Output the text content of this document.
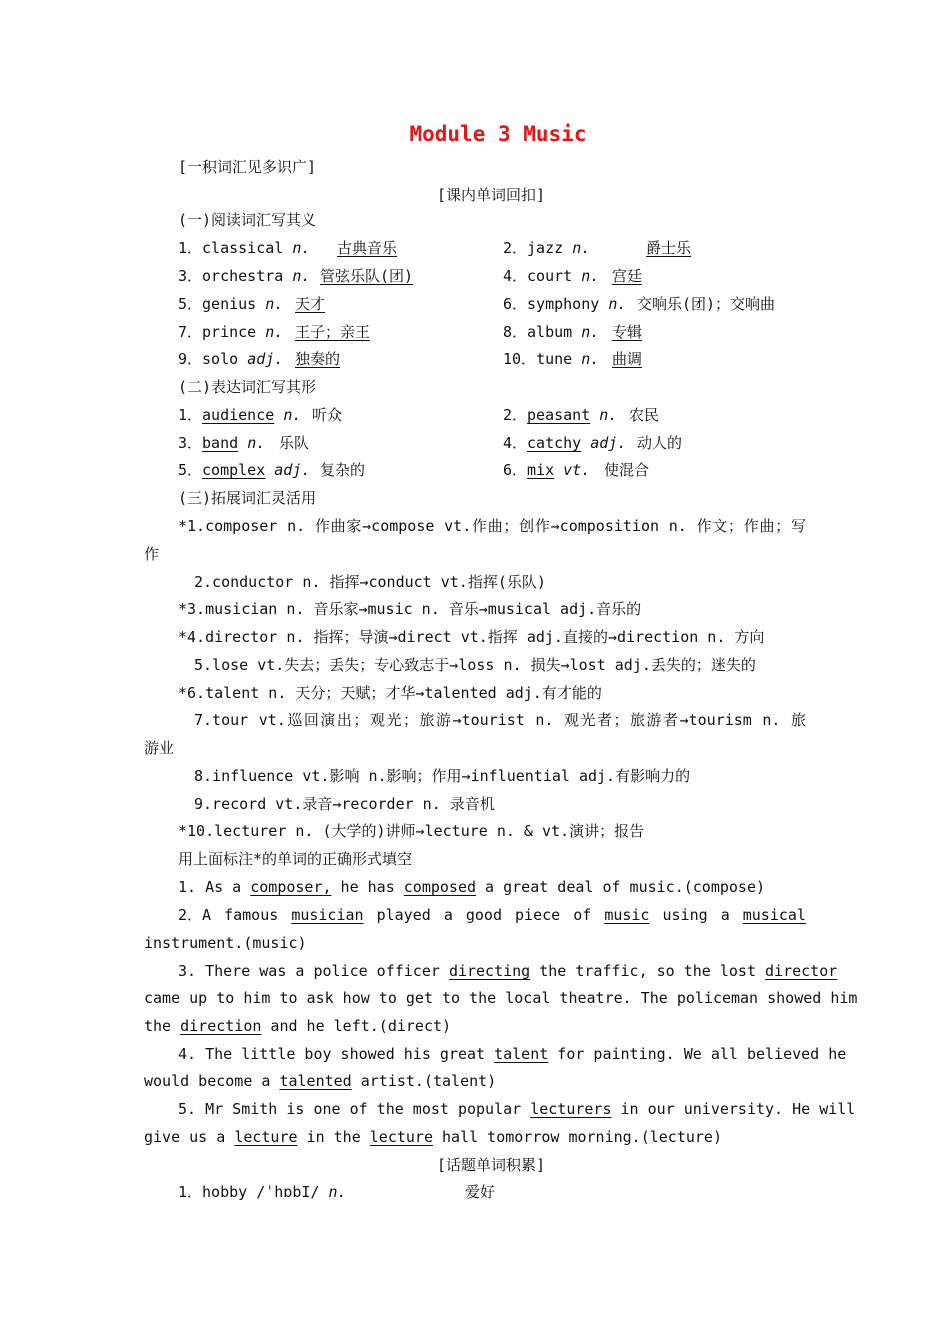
Module 3 Music
[一积词汇见多识广]
[课内单词回扣]
(一)阅读词汇写其义
1．classical n. 古典音乐	2．jazz n.	爵士乐
3．orchestra n. 管弦乐队(团)	4．court n. 宫廷
5．genius n. 天才	6．symphony n. 交响乐(团)；交响曲
7．prince n. 王子；亲王	8．album n. 专辑
9．solo adj. 独奏的	10．tune n. 曲调
(二)表达词汇写其形
1．audience n. 听众	2．peasant n. 农民
3．band n. 乐队	4．catchy adj. 动人的
5．complex adj. 复杂的	6．mix vt. 使混合
(三)拓展词汇灵活用
*1.composer n. 作曲家→compose vt.作曲；创作→composition n. 作文；作曲；写
作
2.conductor n. 指挥→conduct vt.指挥(乐队)
*3.musician n. 音乐家→music n. 音乐→musical adj.音乐的
*4.director n. 指挥；导演→direct vt.指挥 adj.直接的→direction n. 方向
5.lose vt.失去；丢失；专心致志于→loss n. 损失→lost adj.丢失的；迷失的
*6.talent n. 天分；天赋；才华→talented adj.有才能的
7.tour vt.巡回演出；观光；旅游→tourist n. 观光者；旅游者→tourism n. 旅
游业
8.influence vt.影响 n.影响；作用→influential adj.有影响力的
9.record vt.录音→recorder n. 录音机
*10.lecturer n. (大学的)讲师→lecture n. & vt.演讲；报告
用上面标注*的单词的正确形式填空
1. As a composer, he has composed a great deal of music.(compose)
2．A famous musician played a good piece of music using a musical
instrument.(music)
3. There was a police officer directing the traffic, so the lost director
came up to him to ask how to get to the local theatre. The policeman showed him
the direction and he left.(direct)
4. The little boy showed his great talent for painting. We all believed he
would become a talented artist.(talent)
5. Mr Smith is one of the most popular lecturers in our university. He will
give us a lecture in the lecture hall tomorrow morning.(lecture)
[话题单词积累]
1．hobby /ˈhɒbI/ n.	爱好
